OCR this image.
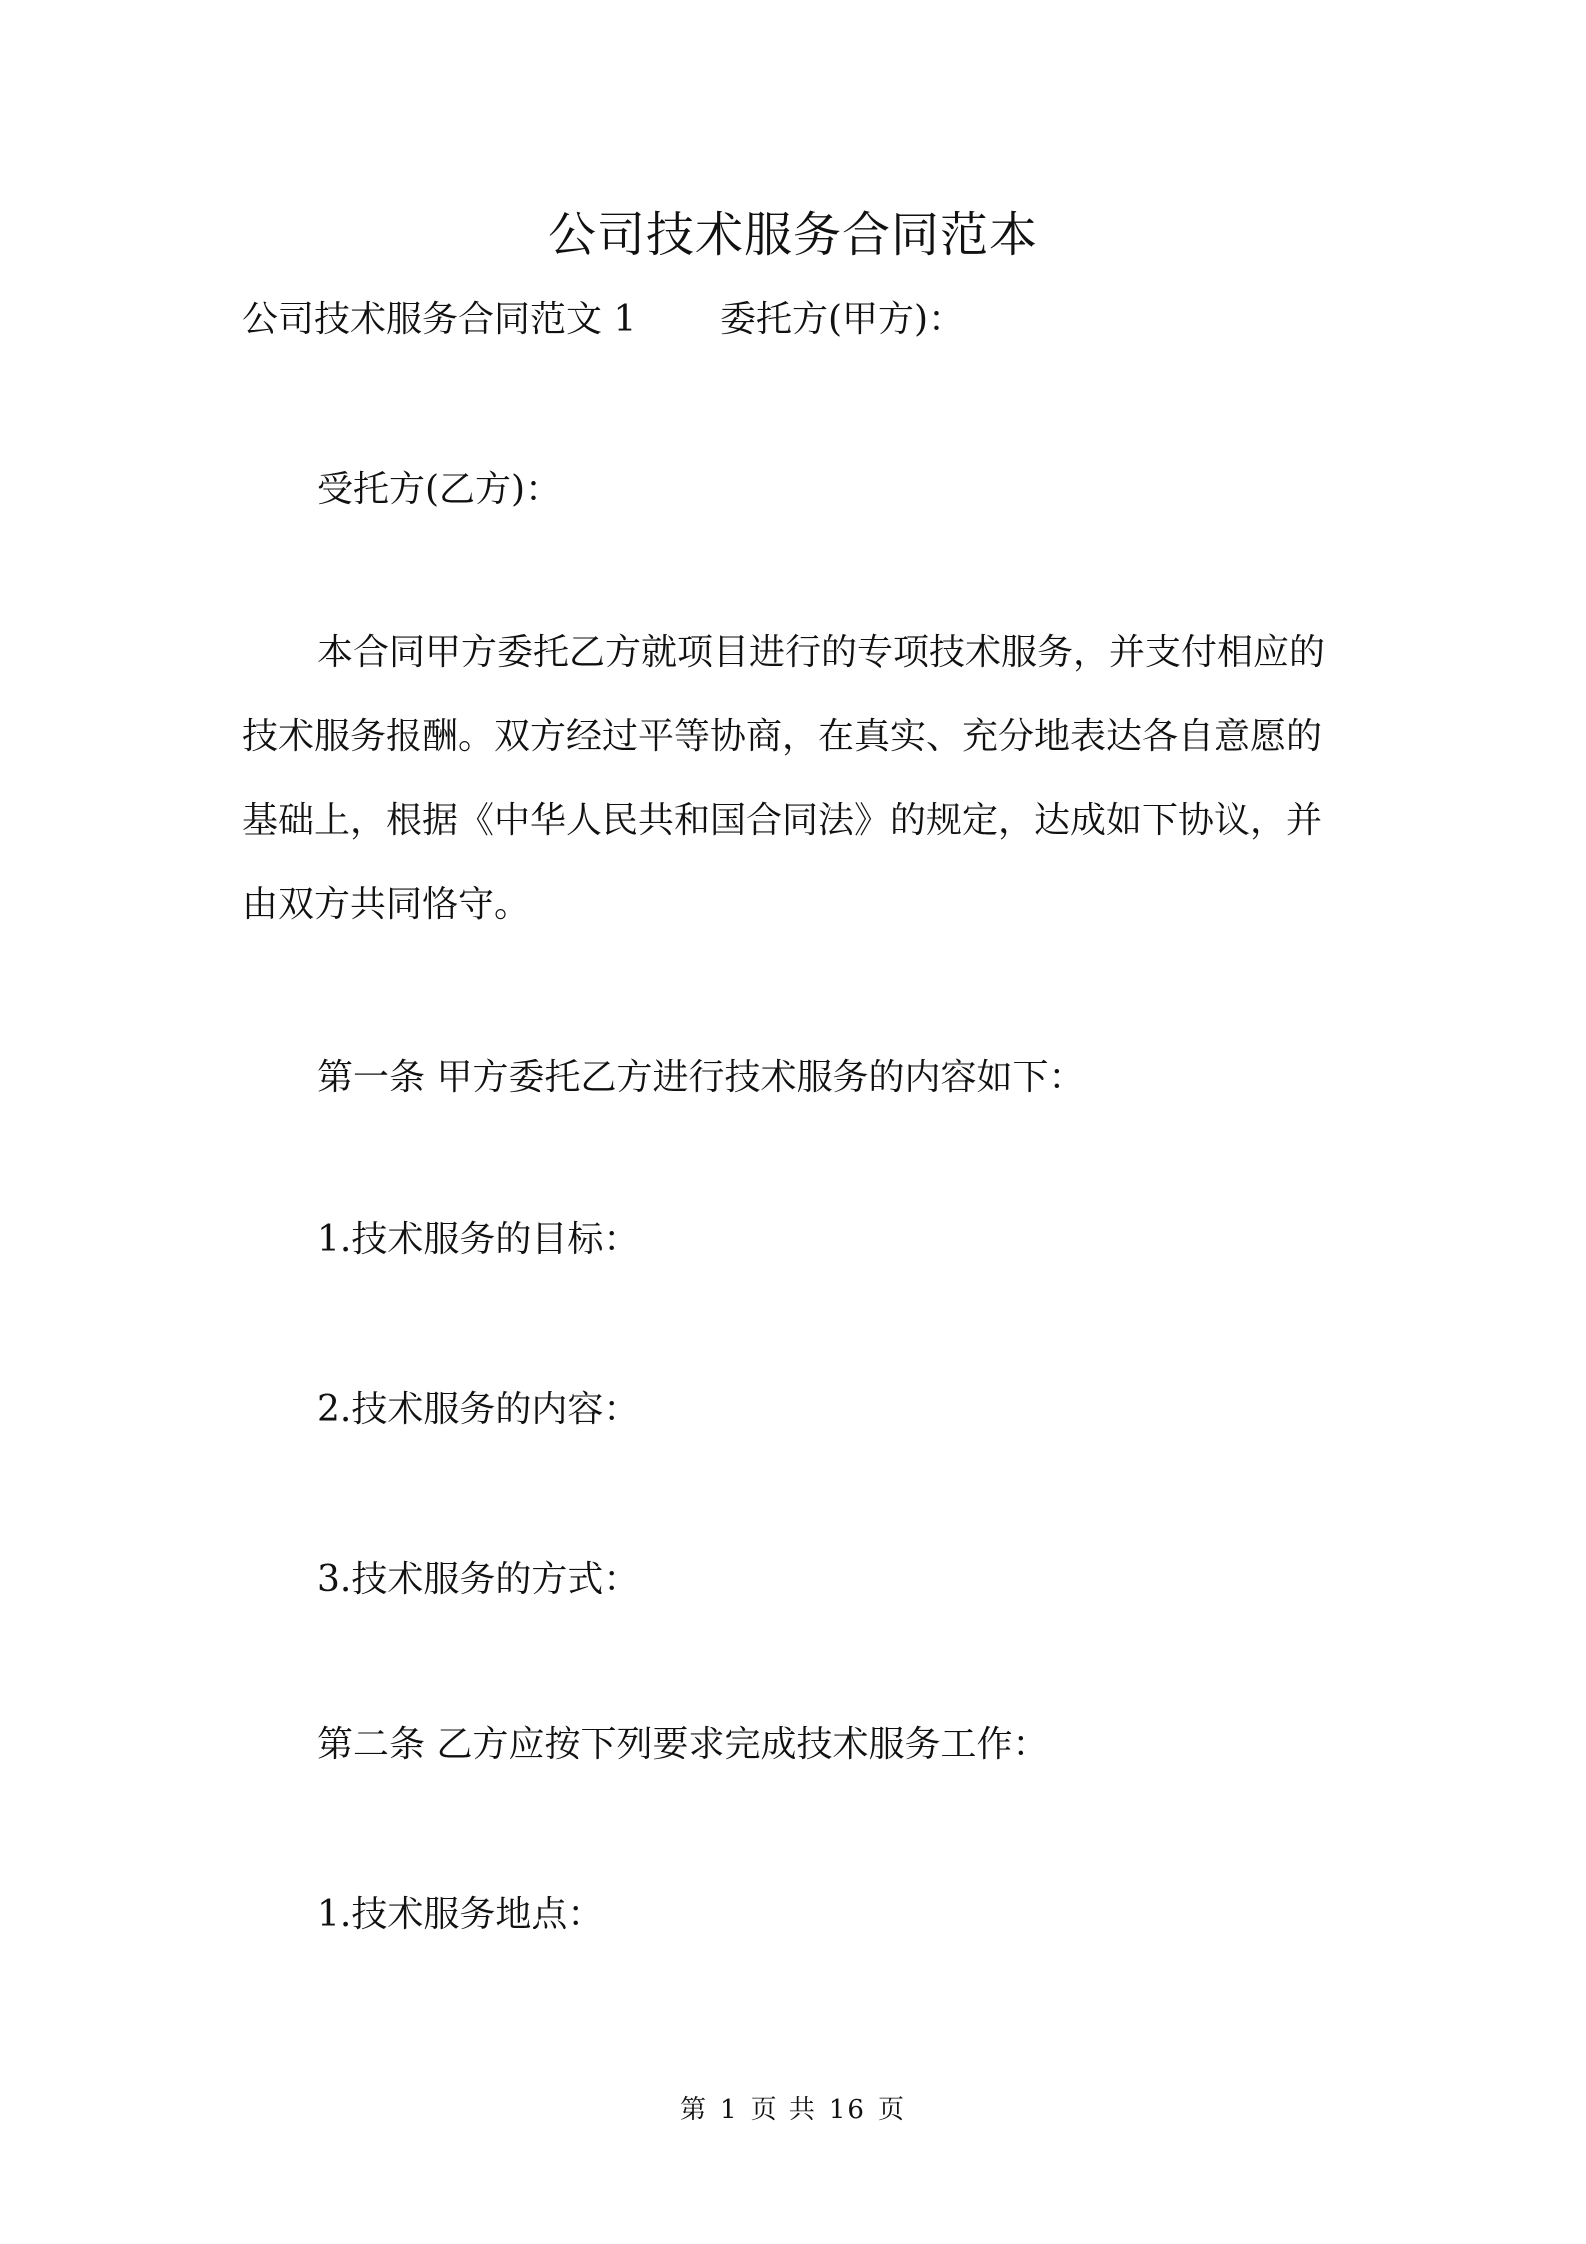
公司技术服务合同范本
公司技术服务合同范文 1 委托方(甲方)：
受托方(乙方)：
本合同甲方委托乙方就项目进行的专项技术服务，并支付相应的
技术服务报酬。双方经过平等协商，在真实、充分地表达各自意愿的
基础上，根据《中华人民共和国合同法》的规定，达成如下协议，并
由双方共同恪守。
第一条 甲方委托乙方进行技术服务的内容如下：
1.技术服务的目标：
2.技术服务的内容：
3.技术服务的方式：
第二条 乙方应按下列要求完成技术服务工作：
1.技术服务地点：
第 1 页 共 16 页
